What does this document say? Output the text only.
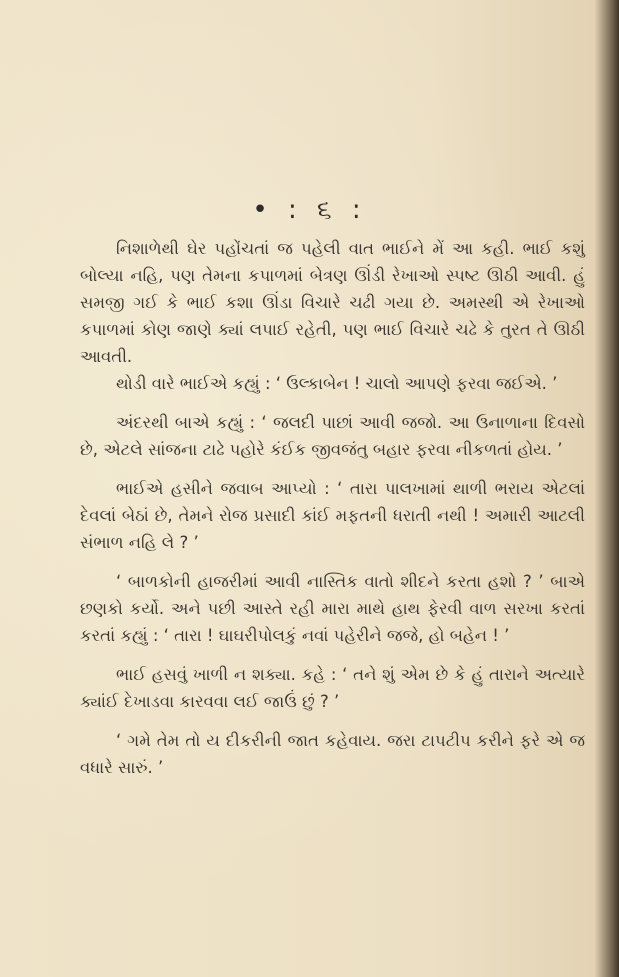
• : ૬ :

નિશાળેથી ઘેર પહોંચતાં જ પહેલી વાત ભાઈને મેં આ કહી. ભાઈ કશું બોલ્યા નહિ, પણ તેમના કપાળમાં બેત્રણ ઊંડી રેખાઓ સ્પષ્ટ ઊઠી આવી. હું સમજી ગઈ કે ભાઈ કશા ઊંડા વિચારે ચઢી ગયા છે. અમસ્થી એ રેખાઓ કપાળમાં કોણ જાણે ક્યાં લપાઈ રહેતી, પણ ભાઈ વિચારે ચઢે કે તુરત તે ઊઠી આવતી.

થોડી વારે ભાઈએ કહ્યું : ‘ ઉલ્કાબેન ! ચાલો આપણે ફરવા જઈએ. ’

અંદરથી બાએ કહ્યું : ‘ જલદી પાછાં આવી જજો. આ ઉનાળાના દિવસો છે, એટલે સાંજના ટાઢે પહોરે કંઈક જીવજંતુ બહાર ફરવા નીકળતાં હોય. ’

ભાઈએ હસીને જવાબ આપ્યો : ‘ તારા પાલખામાં થાળી ભરાય એટલાં દેવલાં બેઠાં છે, તેમને રોજ પ્રસાદી કાંઈ મફતની ધરાતી નથી ! અમારી આટલી સંભાળ નહિ લે ? ’

‘ બાળકોની હાજરીમાં આવી નાસ્તિક વાતો શીદને કરતા હશો ? ’ બાએ છણકો કર્યો. અને પછી આસ્તે રહી મારા માથે હાથ ફેરવી વાળ સરખા કરતાં કરતાં કહ્યું : ‘ તારા ! ઘાઘરીપોલકું નવાં પહેરીને જજે, હો બહેન ! ’

ભાઈ હસવું ખાળી ન શક્યા. કહે : ‘ તને શું એમ છે કે હું તારાને અત્યારે ક્યાંઈ દેખાડવા કારવવા લઈ જાઉં છું ? ’

‘ ગમે તેમ તો ય દીકરીની જાત કહેવાય. જરા ટાપટીપ કરીને ફરે એ જ વધારે સારું. ’
